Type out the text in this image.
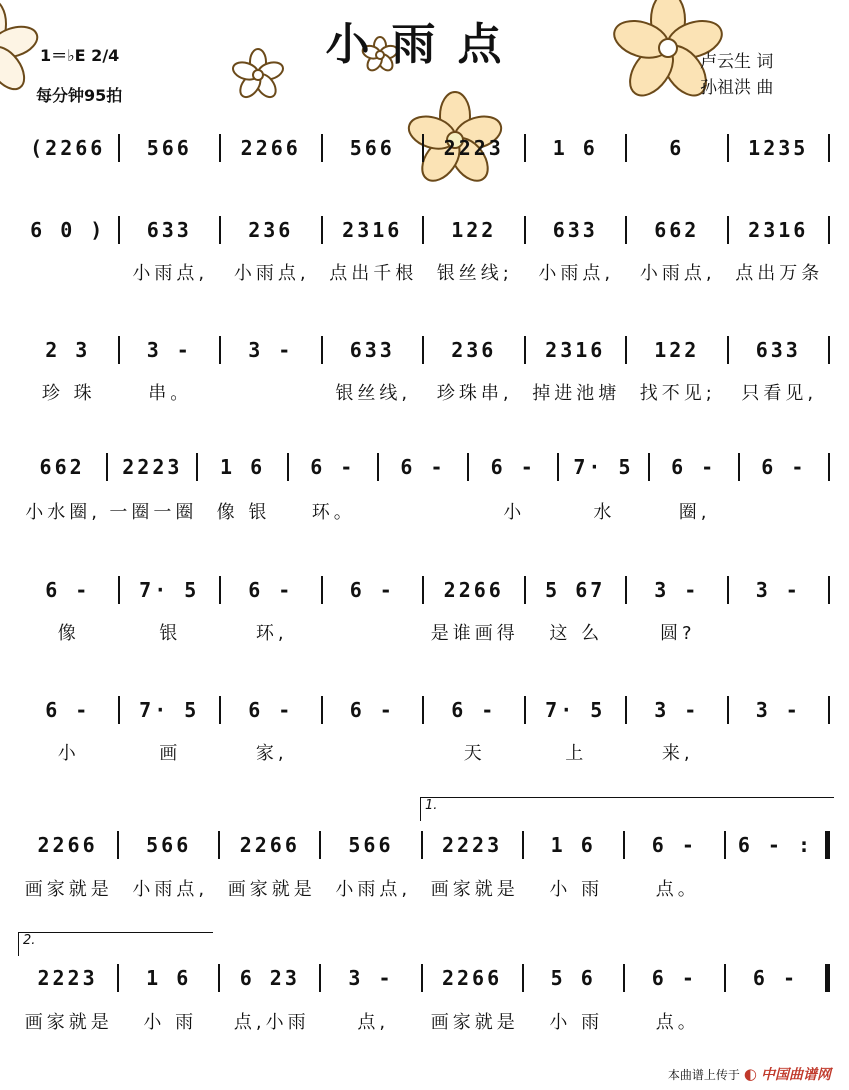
小雨点
1＝♭E 2/4
每分钟95拍
卢云生 词
孙祖洪 曲
(2266	566	2266	566	2223	1 6	6	1235
6 0 )	633	236	2316	122	633	662	2316
2 3	3 -	3 -	633	236	2316	122	633
662	2223	1 6	6 -	6 -	6 -	7· 5	6 -	6 -
6 -	7· 5	6 -	6 -	2266	5 67	3 -	3 -
6 -	7· 5	6 -	6 -	6 -	7· 5	3 -	3 -
2266	566	2266	566	2223	1 6	6 -	6 - :
2223	1 6	6 23	3 -	2266	5 6	6 -	6 -
小雨点,	小雨点,	点出千根	银丝线;	小雨点,	小雨点,	点出万条
珍 珠	串。	银丝线,	珍珠串,	掉进池塘	找不见;	只看见,
小水圈, 一圈一圈	像 银	环。	小	水	圈,
像	银	环,	是谁画得	这 么	圆?
小	画	家,	天	上	来,
画家就是	小雨点,	画家就是	小雨点,	画家就是	小 雨	点。
画家就是	小 雨	点,小雨	点,	画家就是	小 雨	点。
1.
2.
本曲谱上传于 ◐ 中国曲谱网
